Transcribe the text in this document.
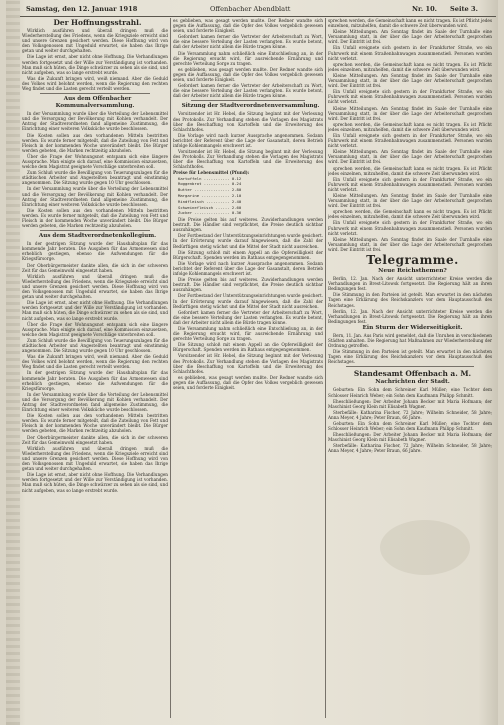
Samstag, den 12. Januar 1918	Offenbacher Abendblatt	Nr. 10. Seite 3.

Der Hoffnungsstrahl.

Wirklich ausführen und überall dringen muß die Wiederherstellung des Friedens, wenn die Kriegsziele erreicht sind und unsere Grenzen gesichert werden. Diese Hoffnung wird von den Volksgenossen mit Ungeduld erwartet, sie haben das Ihrige getan und weiter durchgehalten.

Die Lage ist ernst, aber nicht ohne Hoffnung. Die Verhandlungen werden fortgesetzt und der Wille zur Verständigung ist vorhanden. Man muß sich hüten, die Dinge schwärzer zu sehen als sie sind, und nicht aufgeben, was so lange erstrebt wurde.

Was die Zukunft bringen wird, weiß niemand. Aber die Geduld des Volkes wird belohnt werden, wenn die Regierung den rechten Weg findet und die Lasten gerecht verteilt werden.

Aus dem Offenbacher Kommunalversammlung.

In der Versammlung wurde über die Verteilung der Lebensmittel und die Versorgung der Bevölkerung mit Kohlen verhandelt. Der Antrag der Stadtverordneten fand allgemeine Zustimmung, die Einrichtung einer weiteren Volksküche wurde beschlossen.

Die Kosten sollen aus den vorhandenen Mitteln bestritten werden. Es wurde ferner mitgeteilt, daß die Zuteilung von Fett und Fleisch in der kommenden Woche unverändert bleibt. Die Bürger werden gebeten, die Marken rechtzeitig abzuholen.

Über die Frage der Wohnungsnot entspann sich eine längere Aussprache. Man einigte sich darauf, eine Kommission einzusetzen, welche dem Magistrat geeignete Vorschläge unterbreiten soll.

Zum Schluß wurde die Bewilligung von Teuerungszulagen für die städtischen Arbeiter und Angestellten beantragt und einstimmig angenommen. Die Sitzung wurde gegen 10 Uhr geschlossen.

In der Versammlung wurde über die Verteilung der Lebensmittel und die Versorgung der Bevölkerung mit Kohlen verhandelt. Der Antrag der Stadtverordneten fand allgemeine Zustimmung, die Einrichtung einer weiteren Volksküche wurde beschlossen.

Die Kosten sollen aus den vorhandenen Mitteln bestritten werden. Es wurde ferner mitgeteilt, daß die Zuteilung von Fett und Fleisch in der kommenden Woche unverändert bleibt. Die Bürger werden gebeten, die Marken rechtzeitig abzuholen.

Aus dem Stadtverordnetenkollegium.

In der gestrigen Sitzung wurde der Haushaltsplan für das kommende Jahr beraten. Die Ausgaben für das Armenwesen sind erheblich gestiegen, ebenso die Aufwendungen für die Kriegsfürsorge.

Der Oberbürgermeister dankte allen, die sich in der schweren Zeit für das Gemeinwohl eingesetzt haben.

Wirklich ausführen und überall dringen muß die Wiederherstellung des Friedens, wenn die Kriegsziele erreicht sind und unsere Grenzen gesichert werden. Diese Hoffnung wird von den Volksgenossen mit Ungeduld erwartet, sie haben das Ihrige getan und weiter durchgehalten.

Die Lage ist ernst, aber nicht ohne Hoffnung. Die Verhandlungen werden fortgesetzt und der Wille zur Verständigung ist vorhanden. Man muß sich hüten, die Dinge schwärzer zu sehen als sie sind, und nicht aufgeben, was so lange erstrebt wurde.

Über die Frage der Wohnungsnot entspann sich eine längere Aussprache. Man einigte sich darauf, eine Kommission einzusetzen, welche dem Magistrat geeignete Vorschläge unterbreiten soll.

Zum Schluß wurde die Bewilligung von Teuerungszulagen für die städtischen Arbeiter und Angestellten beantragt und einstimmig angenommen. Die Sitzung wurde gegen 10 Uhr geschlossen.

Was die Zukunft bringen wird, weiß niemand. Aber die Geduld des Volkes wird belohnt werden, wenn die Regierung den rechten Weg findet und die Lasten gerecht verteilt werden.

In der gestrigen Sitzung wurde der Haushaltsplan für das kommende Jahr beraten. Die Ausgaben für das Armenwesen sind erheblich gestiegen, ebenso die Aufwendungen für die Kriegsfürsorge.

In der Versammlung wurde über die Verteilung der Lebensmittel und die Versorgung der Bevölkerung mit Kohlen verhandelt. Der Antrag der Stadtverordneten fand allgemeine Zustimmung, die Einrichtung einer weiteren Volksküche wurde beschlossen.

Die Kosten sollen aus den vorhandenen Mitteln bestritten werden. Es wurde ferner mitgeteilt, daß die Zuteilung von Fett und Fleisch in der kommenden Woche unverändert bleibt. Die Bürger werden gebeten, die Marken rechtzeitig abzuholen.

Der Oberbürgermeister dankte allen, die sich in der schweren Zeit für das Gemeinwohl eingesetzt haben.

Wirklich ausführen und überall dringen muß die Wiederherstellung des Friedens, wenn die Kriegsziele erreicht sind und unsere Grenzen gesichert werden. Diese Hoffnung wird von den Volksgenossen mit Ungeduld erwartet, sie haben das Ihrige getan und weiter durchgehalten.

Die Lage ist ernst, aber nicht ohne Hoffnung. Die Verhandlungen werden fortgesetzt und der Wille zur Verständigung ist vorhanden. Man muß sich hüten, die Dinge schwärzer zu sehen als sie sind, und nicht aufgeben, was so lange erstrebt wurde.

es geblieben, was gesagt werden mußte. Der Redner wandte sich gegen die Auffassung, daß die Opfer des Volkes vergeblich gewesen seien, und forderte Einigkeit.

Gefordert kamen ferner die Vertreter der Arbeiterschaft zu Wort, die eine bessere Verteilung der Lasten verlangten. Es wurde betont, daß der Arbeiter nicht allein die Bürde tragen könne.

Die Versammlung nahm schließlich eine Entschließung an, in der die Regierung ersucht wird, für ausreichende Ernährung und gerechte Verteilung Sorge zu tragen.

es geblieben, was gesagt werden mußte. Der Redner wandte sich gegen die Auffassung, daß die Opfer des Volkes vergeblich gewesen seien, und forderte Einigkeit.

Gefordert kamen ferner die Vertreter der Arbeiterschaft zu Wort, die eine bessere Verteilung der Lasten verlangten. Es wurde betont, daß der Arbeiter nicht allein die Bürde tragen könne.

Sitzung der Stadtverordnetenversammlung.

Vorsitzender ist Hr. Hebel, die Sitzung beginnt mit der Verlesung des Protokolls. Zur Verhandlung stehen die Vorlagen des Magistrats über die Beschaffung von Kartoffeln und die Erweiterung des Schlachthofes.

Die Vorlage wird nach kurzer Aussprache angenommen. Sodann berichtet der Referent über die Lage der Gasanstalt, deren Betrieb infolge Kohlenmangels erschwert ist.

Vorsitzender ist Hr. Hebel, die Sitzung beginnt mit der Verlesung des Protokolls. Zur Verhandlung stehen die Vorlagen des Magistrats über die Beschaffung von Kartoffeln und die Erweiterung des Schlachthofes.

Preise für Lebensmittel (Pfund):

Kartoffeln ........... 0.12

Roggenbrot ........... 0.24

Butter ............... 2.80

Margarine ............ 2.10

Rindfleisch .......... 2.40

Schweinefleisch ...... 2.60

Zucker ............... 0.36

Die Preise gelten bis auf weiteres. Zuwiderhandlungen werden bestraft. Die Händler sind verpflichtet, die Preise deutlich sichtbar auszuhängen.

Der Fortbestand der Unterstützungseinrichtungen wurde gesichert. In der Erörterung wurde darauf hingewiesen, daß die Zahl der Bedürftigen stetig wächst und die Mittel der Stadt nicht ausreichen.

Die Sitzung schloß mit einem Appell an die Opferwilligkeit der Bürgerschaft. Spenden werden im Rathaus entgegengenommen.

Die Vorlage wird nach kurzer Aussprache angenommen. Sodann berichtet der Referent über die Lage der Gasanstalt, deren Betrieb infolge Kohlenmangels erschwert ist.

Die Preise gelten bis auf weiteres. Zuwiderhandlungen werden bestraft. Die Händler sind verpflichtet, die Preise deutlich sichtbar auszuhängen.

Der Fortbestand der Unterstützungseinrichtungen wurde gesichert. In der Erörterung wurde darauf hingewiesen, daß die Zahl der Bedürftigen stetig wächst und die Mittel der Stadt nicht ausreichen.

Gefordert kamen ferner die Vertreter der Arbeiterschaft zu Wort, die eine bessere Verteilung der Lasten verlangten. Es wurde betont, daß der Arbeiter nicht allein die Bürde tragen könne.

Die Versammlung nahm schließlich eine Entschließung an, in der die Regierung ersucht wird, für ausreichende Ernährung und gerechte Verteilung Sorge zu tragen.

Die Sitzung schloß mit einem Appell an die Opferwilligkeit der Bürgerschaft. Spenden werden im Rathaus entgegengenommen.

Vorsitzender ist Hr. Hebel, die Sitzung beginnt mit der Verlesung des Protokolls. Zur Verhandlung stehen die Vorlagen des Magistrats über die Beschaffung von Kartoffeln und die Erweiterung des Schlachthofes.

es geblieben, was gesagt werden mußte. Der Redner wandte sich gegen die Auffassung, daß die Opfer des Volkes vergeblich gewesen seien, und forderte Einigkeit.

sprechen werden, die Gemeinschaft kann es nicht tragen. Es ist Pflicht jedes einzelnen, mitzuhelfen, damit die schwere Zeit überwunden wird.

Kleine Mitteilungen. Am Sonntag findet im Saale der Turnhalle eine Versammlung statt, in der über die Lage der Arbeiterschaft gesprochen wird. Der Eintritt ist frei.

Ein Unfall ereignete sich gestern in der Frankfurter Straße, wo ein Fuhrwerk mit einem Straßenbahnwagen zusammenstieß. Personen wurden nicht verletzt.

sprechen werden, die Gemeinschaft kann es nicht tragen. Es ist Pflicht jedes einzelnen, mitzuhelfen, damit die schwere Zeit überwunden wird.

Kleine Mitteilungen. Am Sonntag findet im Saale der Turnhalle eine Versammlung statt, in der über die Lage der Arbeiterschaft gesprochen wird. Der Eintritt ist frei.

Ein Unfall ereignete sich gestern in der Frankfurter Straße, wo ein Fuhrwerk mit einem Straßenbahnwagen zusammenstieß. Personen wurden nicht verletzt.

Kleine Mitteilungen. Am Sonntag findet im Saale der Turnhalle eine Versammlung statt, in der über die Lage der Arbeiterschaft gesprochen wird. Der Eintritt ist frei.

sprechen werden, die Gemeinschaft kann es nicht tragen. Es ist Pflicht jedes einzelnen, mitzuhelfen, damit die schwere Zeit überwunden wird.

Ein Unfall ereignete sich gestern in der Frankfurter Straße, wo ein Fuhrwerk mit einem Straßenbahnwagen zusammenstieß. Personen wurden nicht verletzt.

Kleine Mitteilungen. Am Sonntag findet im Saale der Turnhalle eine Versammlung statt, in der über die Lage der Arbeiterschaft gesprochen wird. Der Eintritt ist frei.

sprechen werden, die Gemeinschaft kann es nicht tragen. Es ist Pflicht jedes einzelnen, mitzuhelfen, damit die schwere Zeit überwunden wird.

Ein Unfall ereignete sich gestern in der Frankfurter Straße, wo ein Fuhrwerk mit einem Straßenbahnwagen zusammenstieß. Personen wurden nicht verletzt.

Kleine Mitteilungen. Am Sonntag findet im Saale der Turnhalle eine Versammlung statt, in der über die Lage der Arbeiterschaft gesprochen wird. Der Eintritt ist frei.

sprechen werden, die Gemeinschaft kann es nicht tragen. Es ist Pflicht jedes einzelnen, mitzuhelfen, damit die schwere Zeit überwunden wird.

Ein Unfall ereignete sich gestern in der Frankfurter Straße, wo ein Fuhrwerk mit einem Straßenbahnwagen zusammenstieß. Personen wurden nicht verletzt.

Kleine Mitteilungen. Am Sonntag findet im Saale der Turnhalle eine Versammlung statt, in der über die Lage der Arbeiterschaft gesprochen wird. Der Eintritt ist frei.

Telegramme.

Neue Reichsthemen?

Berlin, 12. Jan. Nach der Ansicht unterrichteter Kreise werden die Verhandlungen in Brest-Litowsk fortgesetzt. Die Regierung hält an ihren Bedingungen fest.

Die Stimmung in den Parteien ist geteilt. Man erwartet in den nächsten Tagen eine Erklärung des Reichskanzlers vor dem Hauptausschuß des Reichstages.

Berlin, 12. Jan. Nach der Ansicht unterrichteter Kreise werden die Verhandlungen in Brest-Litowsk fortgesetzt. Die Regierung hält an ihren Bedingungen fest.

Ein Sturm der Widerseitigkeit.

Bern, 11. Jan. Aus Paris wird gemeldet, daß die Unruhen in verschiedenen Städten anhalten. Die Regierung hat Maßnahmen zur Wiederherstellung der Ordnung getroffen.

Die Stimmung in den Parteien ist geteilt. Man erwartet in den nächsten Tagen eine Erklärung des Reichskanzlers vor dem Hauptausschuß des Reichstages.

Standesamt Offenbach a. M.

Nachrichten der Stadt.

Geburten: Ein Sohn dem Schreiner Karl Müller; eine Tochter dem Schlosser Heinrich Weber; ein Sohn dem Kaufmann Philipp Schmitt.

Eheschließungen: Der Arbeiter Johann Becker mit Maria Hofmann; der Maschinist Georg Klein mit Elisabeth Wagner.

Sterbefälle: Katharina Fischer, 72 Jahre; Wilhelm Schneider, 58 Jahre; Anna Meyer, 4 Jahre; Peter Braun, 66 Jahre.

Geburten: Ein Sohn dem Schreiner Karl Müller; eine Tochter dem Schlosser Heinrich Weber; ein Sohn dem Kaufmann Philipp Schmitt.

Eheschließungen: Der Arbeiter Johann Becker mit Maria Hofmann; der Maschinist Georg Klein mit Elisabeth Wagner.

Sterbefälle: Katharina Fischer, 72 Jahre; Wilhelm Schneider, 58 Jahre; Anna Meyer, 4 Jahre; Peter Braun, 66 Jahre.
